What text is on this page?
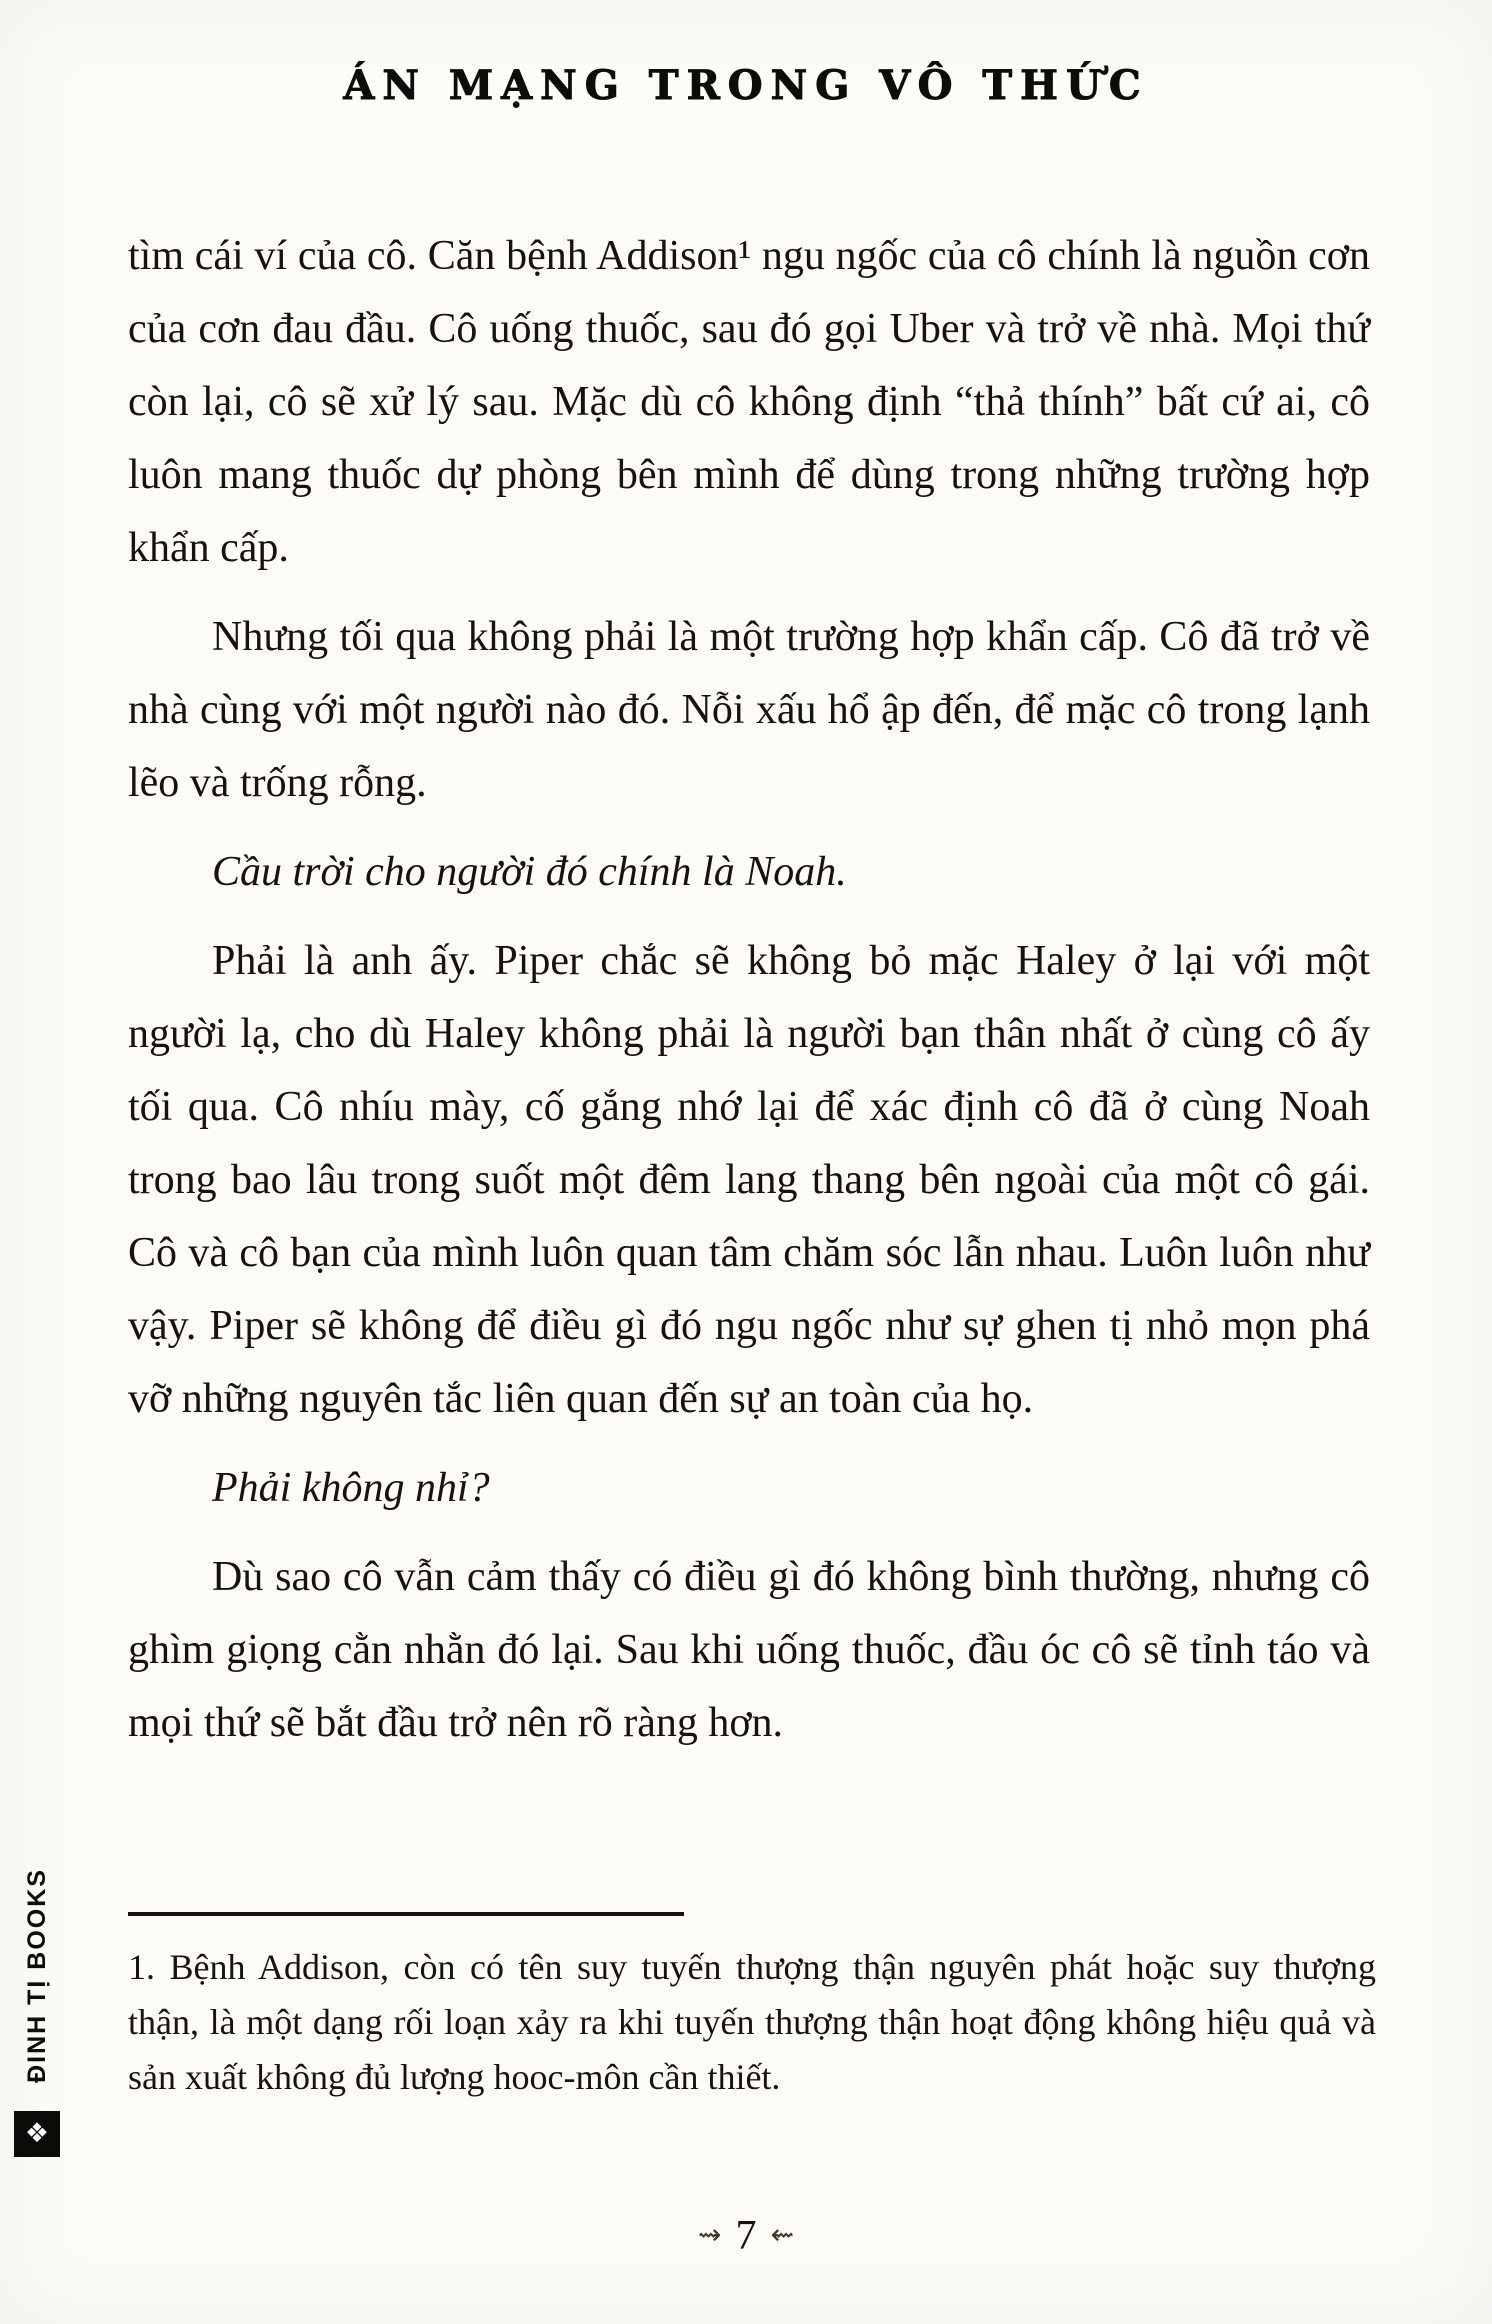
ÁN MẠNG TRONG VÔ THỨC

tìm cái ví của cô. Căn bệnh Addison¹ ngu ngốc của cô chính là nguồn cơn của cơn đau đầu. Cô uống thuốc, sau đó gọi Uber và trở về nhà. Mọi thứ còn lại, cô sẽ xử lý sau. Mặc dù cô không định “thả thính” bất cứ ai, cô luôn mang thuốc dự phòng bên mình để dùng trong những trường hợp khẩn cấp.

Nhưng tối qua không phải là một trường hợp khẩn cấp. Cô đã trở về nhà cùng với một người nào đó. Nỗi xấu hổ ập đến, để mặc cô trong lạnh lẽo và trống rỗng.

Cầu trời cho người đó chính là Noah.

Phải là anh ấy. Piper chắc sẽ không bỏ mặc Haley ở lại với một người lạ, cho dù Haley không phải là người bạn thân nhất ở cùng cô ấy tối qua. Cô nhíu mày, cố gắng nhớ lại để xác định cô đã ở cùng Noah trong bao lâu trong suốt một đêm lang thang bên ngoài của một cô gái. Cô và cô bạn của mình luôn quan tâm chăm sóc lẫn nhau. Luôn luôn như vậy. Piper sẽ không để điều gì đó ngu ngốc như sự ghen tị nhỏ mọn phá vỡ những nguyên tắc liên quan đến sự an toàn của họ.

Phải không nhỉ?

Dù sao cô vẫn cảm thấy có điều gì đó không bình thường, nhưng cô ghìm giọng cằn nhằn đó lại. Sau khi uống thuốc, đầu óc cô sẽ tỉnh táo và mọi thứ sẽ bắt đầu trở nên rõ ràng hơn.

1. Bệnh Addison, còn có tên suy tuyến thượng thận nguyên phát hoặc suy thượng thận, là một dạng rối loạn xảy ra khi tuyến thượng thận hoạt động không hiệu quả và sản xuất không đủ lượng hooc-môn cần thiết.
⇝ 7 ⇜
ĐINH TỊ BOOKS
❖
